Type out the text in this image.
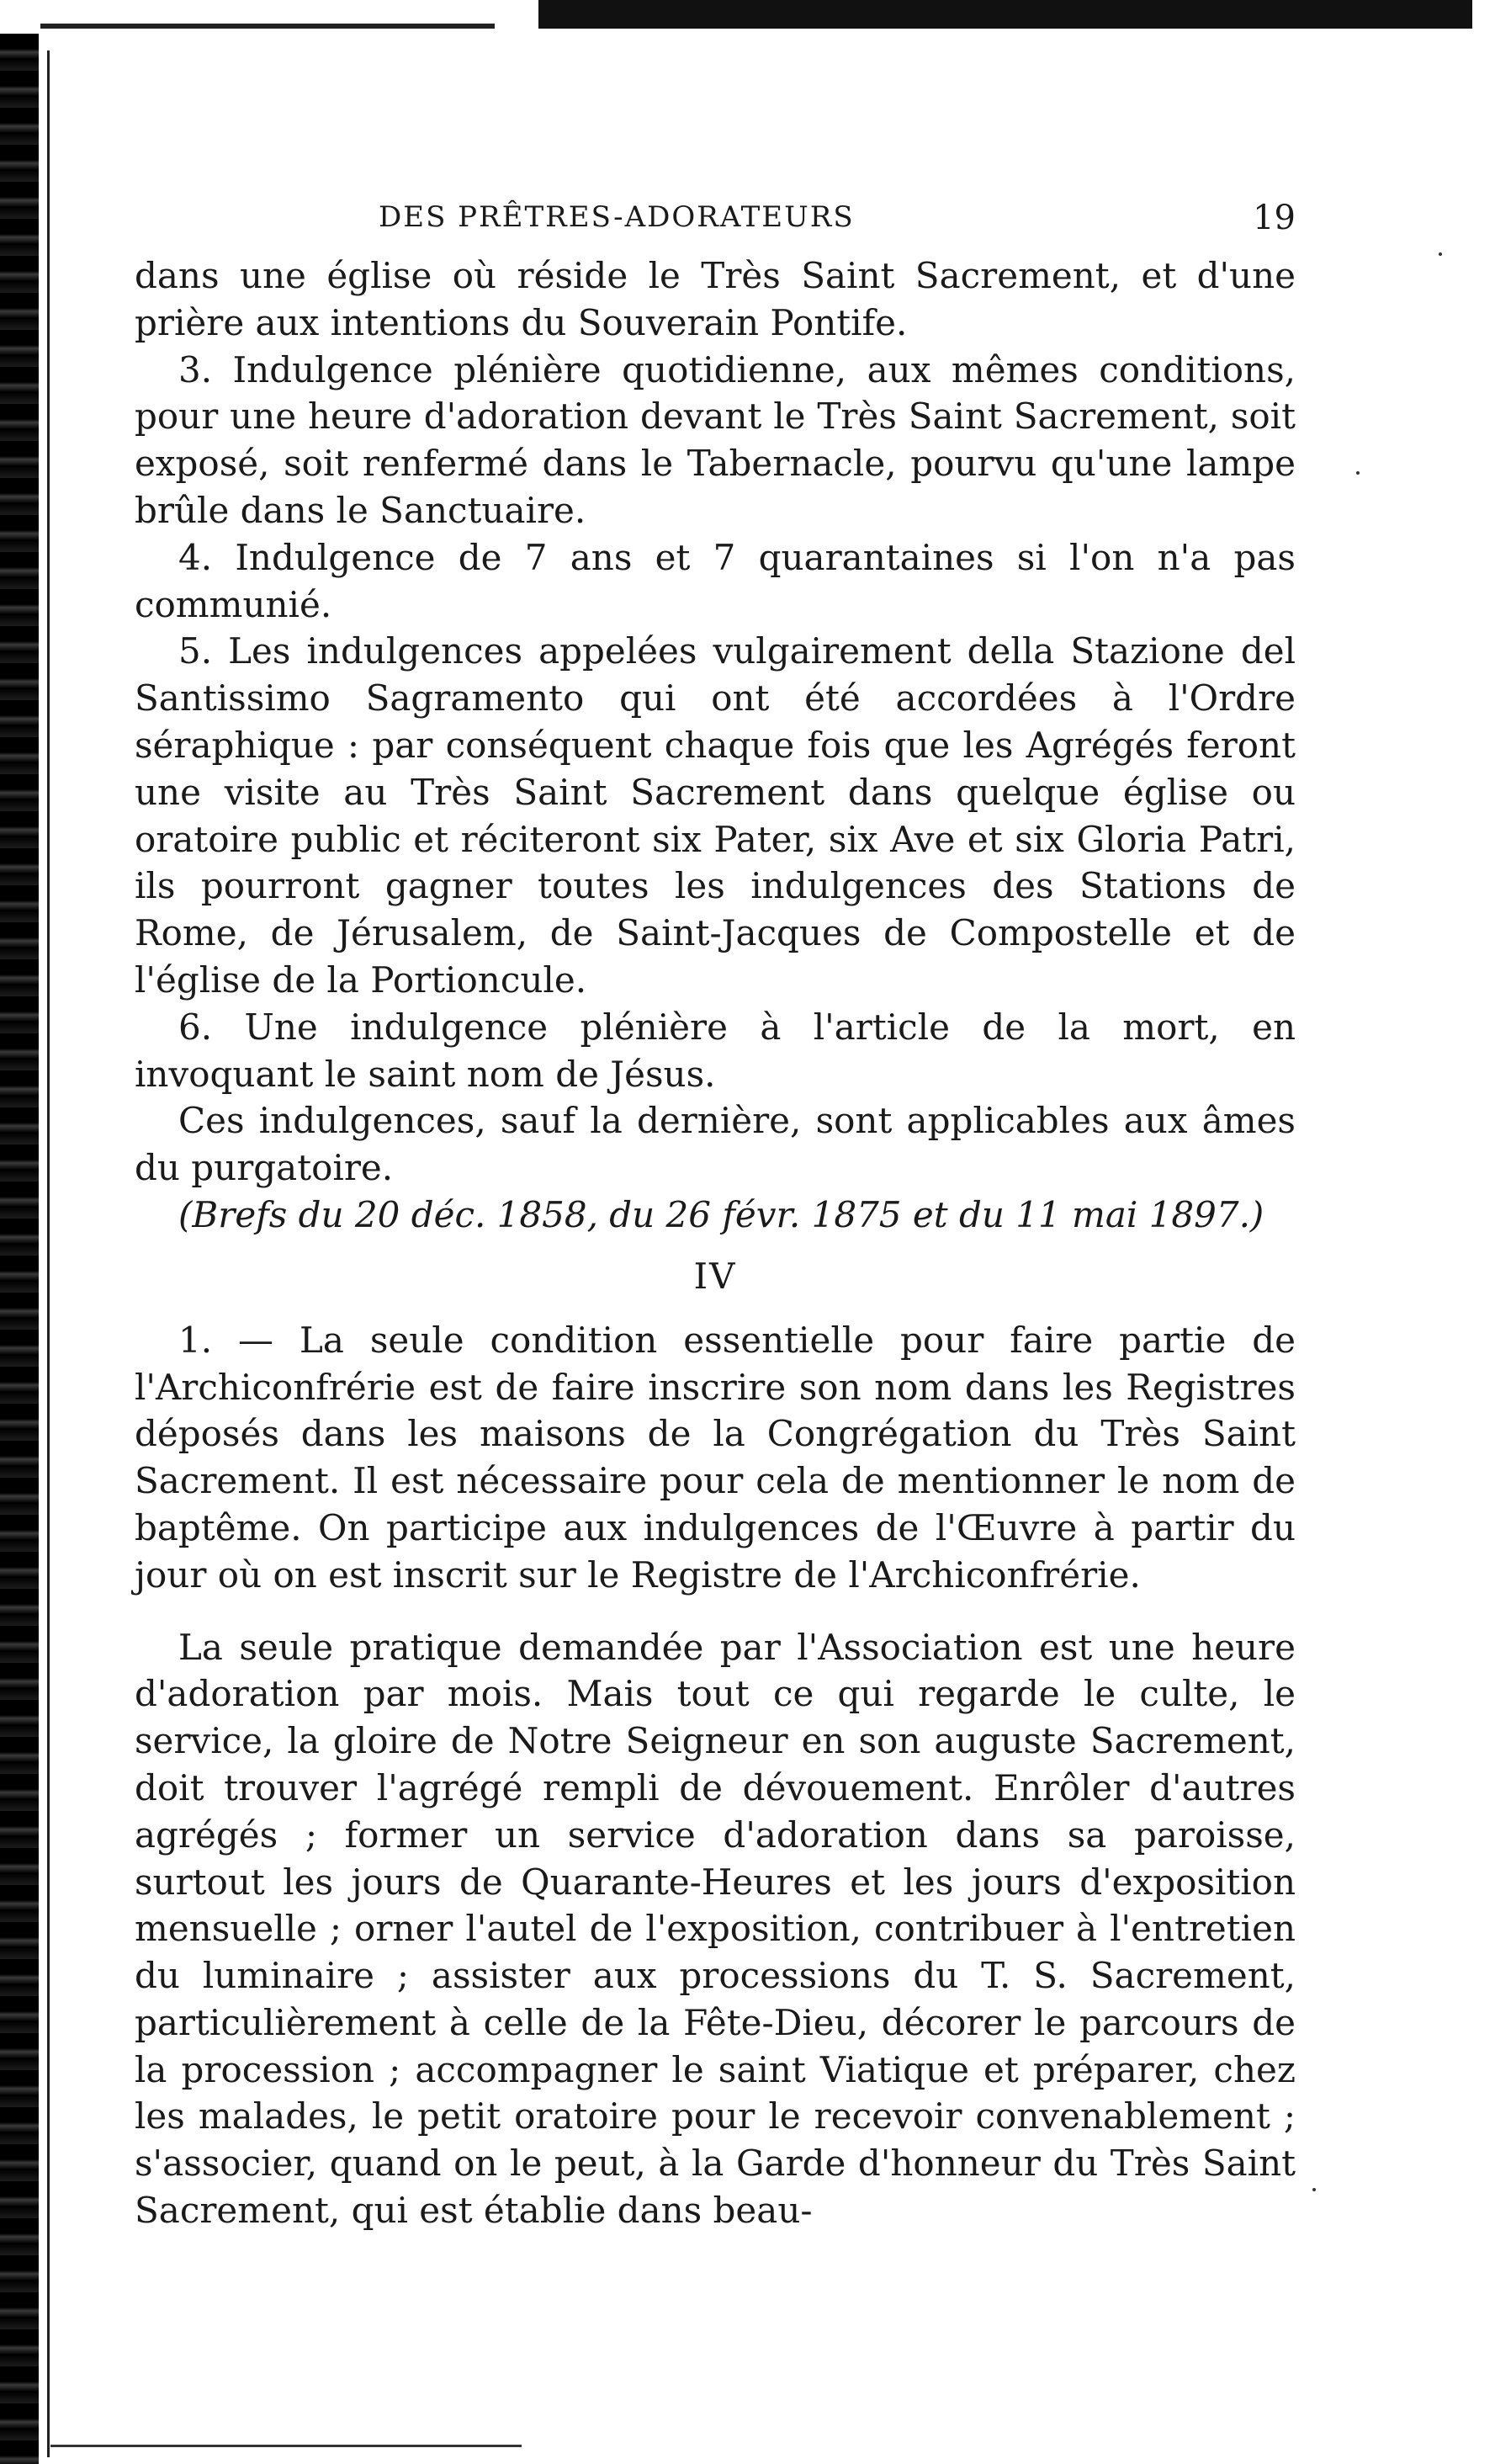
DES PRÊTRES-ADORATEURS	19

dans une église où réside le Très Saint Sacrement, et d'une prière aux intentions du Souverain Pontife.

3. Indulgence plénière quotidienne, aux mêmes conditions, pour une heure d'adoration devant le Très Saint Sacrement, soit exposé, soit renfermé dans le Tabernacle, pourvu qu'une lampe brûle dans le Sanctuaire.

4. Indulgence de 7 ans et 7 quarantaines si l'on n'a pas communié.

5. Les indulgences appelées vulgairement della Stazione del Santissimo Sagramento qui ont été accordées à l'Ordre séraphique : par conséquent chaque fois que les Agrégés feront une visite au Très Saint Sacrement dans quelque église ou oratoire public et réciteront six Pater, six Ave et six Gloria Patri, ils pourront gagner toutes les indulgences des Stations de Rome, de Jérusalem, de Saint-Jacques de Compostelle et de l'église de la Portioncule.

6. Une indulgence plénière à l'article de la mort, en invoquant le saint nom de Jésus.

Ces indulgences, sauf la dernière, sont applicables aux âmes du purgatoire.

(Brefs du 20 déc. 1858, du 26 févr. 1875 et du 11 mai 1897.)

IV

1. — La seule condition essentielle pour faire partie de l'Archiconfrérie est de faire inscrire son nom dans les Registres déposés dans les maisons de la Congrégation du Très Saint Sacrement. Il est nécessaire pour cela de mentionner le nom de baptême. On participe aux indulgences de l'Œuvre à partir du jour où on est inscrit sur le Registre de l'Archiconfrérie.

La seule pratique demandée par l'Association est une heure d'adoration par mois. Mais tout ce qui regarde le culte, le service, la gloire de Notre Seigneur en son auguste Sacrement, doit trouver l'agrégé rempli de dévouement. Enrôler d'autres agrégés ; former un service d'adoration dans sa paroisse, surtout les jours de Quarante-Heures et les jours d'exposition mensuelle ; orner l'autel de l'exposition, contribuer à l'entretien du luminaire ; assister aux processions du T. S. Sacrement, particulièrement à celle de la Fête-Dieu, décorer le parcours de la procession ; accompagner le saint Viatique et préparer, chez les malades, le petit oratoire pour le recevoir convenablement ; s'associer, quand on le peut, à la Garde d'honneur du Très Saint Sacrement, qui est établie dans beau-
